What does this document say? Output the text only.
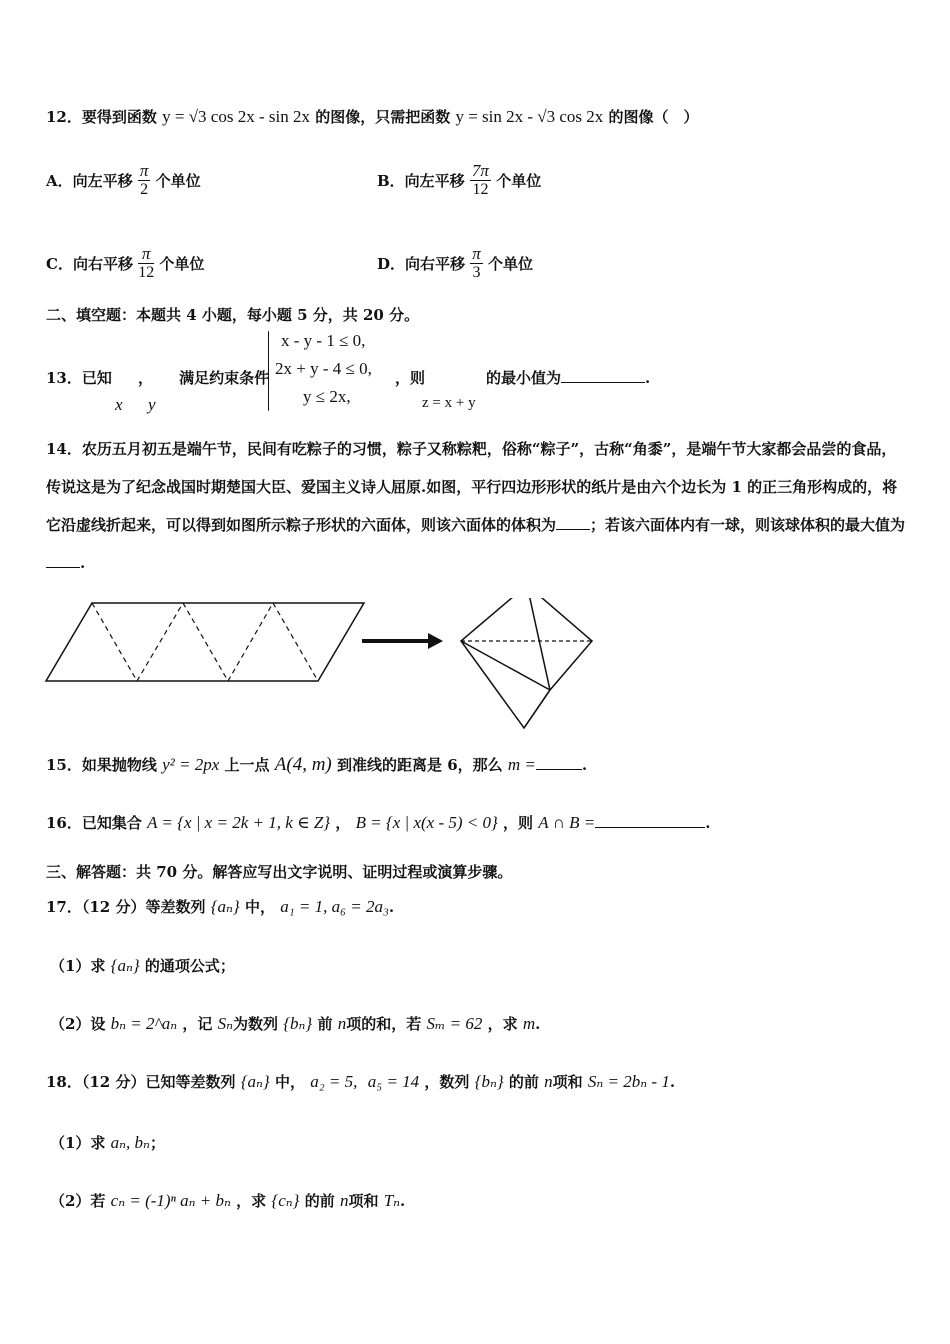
12．要得到函数 y = √3 cos 2x - sin 2x 的图像，只需把函数 y = sin 2x - √3 cos 2x 的图像（　）
A．向左平移 $\frac{\pi}{2}$ 个单位	B．向左平移 $\frac{7\pi}{12}$ 个单位
C．向右平移 $\frac{\pi}{12}$ 个单位	D．向右平移 $\frac{\pi}{3}$ 个单位
二、填空题：本题共 4 小题，每小题 5 分，共 20 分。
13．已知 ， 满足约束条件
x y
x - y - 1 ≤ 0,
2x + y - 4 ≤ 0,
y ≤ 2x,
，则
z = x + y
的最小值为	.
14．农历五月初五是端午节，民间有吃粽子的习惯，粽子又称粽粑，俗称“粽子”，古称“角黍”，是端午节大家都会品尝的食品，传说这是为了纪念战国时期楚国大臣、爱国主义诗人屈原.如图，平行四边形形状的纸片是由六个边长为 1 的正三角形构成的，将它沿虚线折起来，可以得到如图所示粽子形状的六面体，则该六面体的体积为 ；若该六面体内有一球，则该球体积的最大值为.
15．如果抛物线 y² = 2px 上一点 A(4, m) 到准线的距离是 6，那么 m =	.
16．已知集合 A = {x | x = 2k + 1, k ∈ Z} ， B = {x | x(x - 5) < 0} ，则 A ∩ B =	.
三、解答题：共 70 分。解答应写出文字说明、证明过程或演算步骤。
17．（12 分）等差数列 {aₙ} 中， a₁ = 1, a₆ = 2a₃.
（1）求 {aₙ} 的通项公式；
（2）设 bₙ = 2^aₙ ，记 Sₙ为数列 {bₙ} 前 n项的和，若 Sₘ = 62 ，求 m.
18．（12 分）已知等差数列 {aₙ} 中， a₂ = 5, a₅ = 14 ，数列 {bₙ} 的前 n项和 Sₙ = 2bₙ - 1.
（1）求 aₙ, bₙ；
（2）若 cₙ = (-1)ⁿ aₙ + bₙ ，求 {cₙ} 的前 n项和 Tₙ.
